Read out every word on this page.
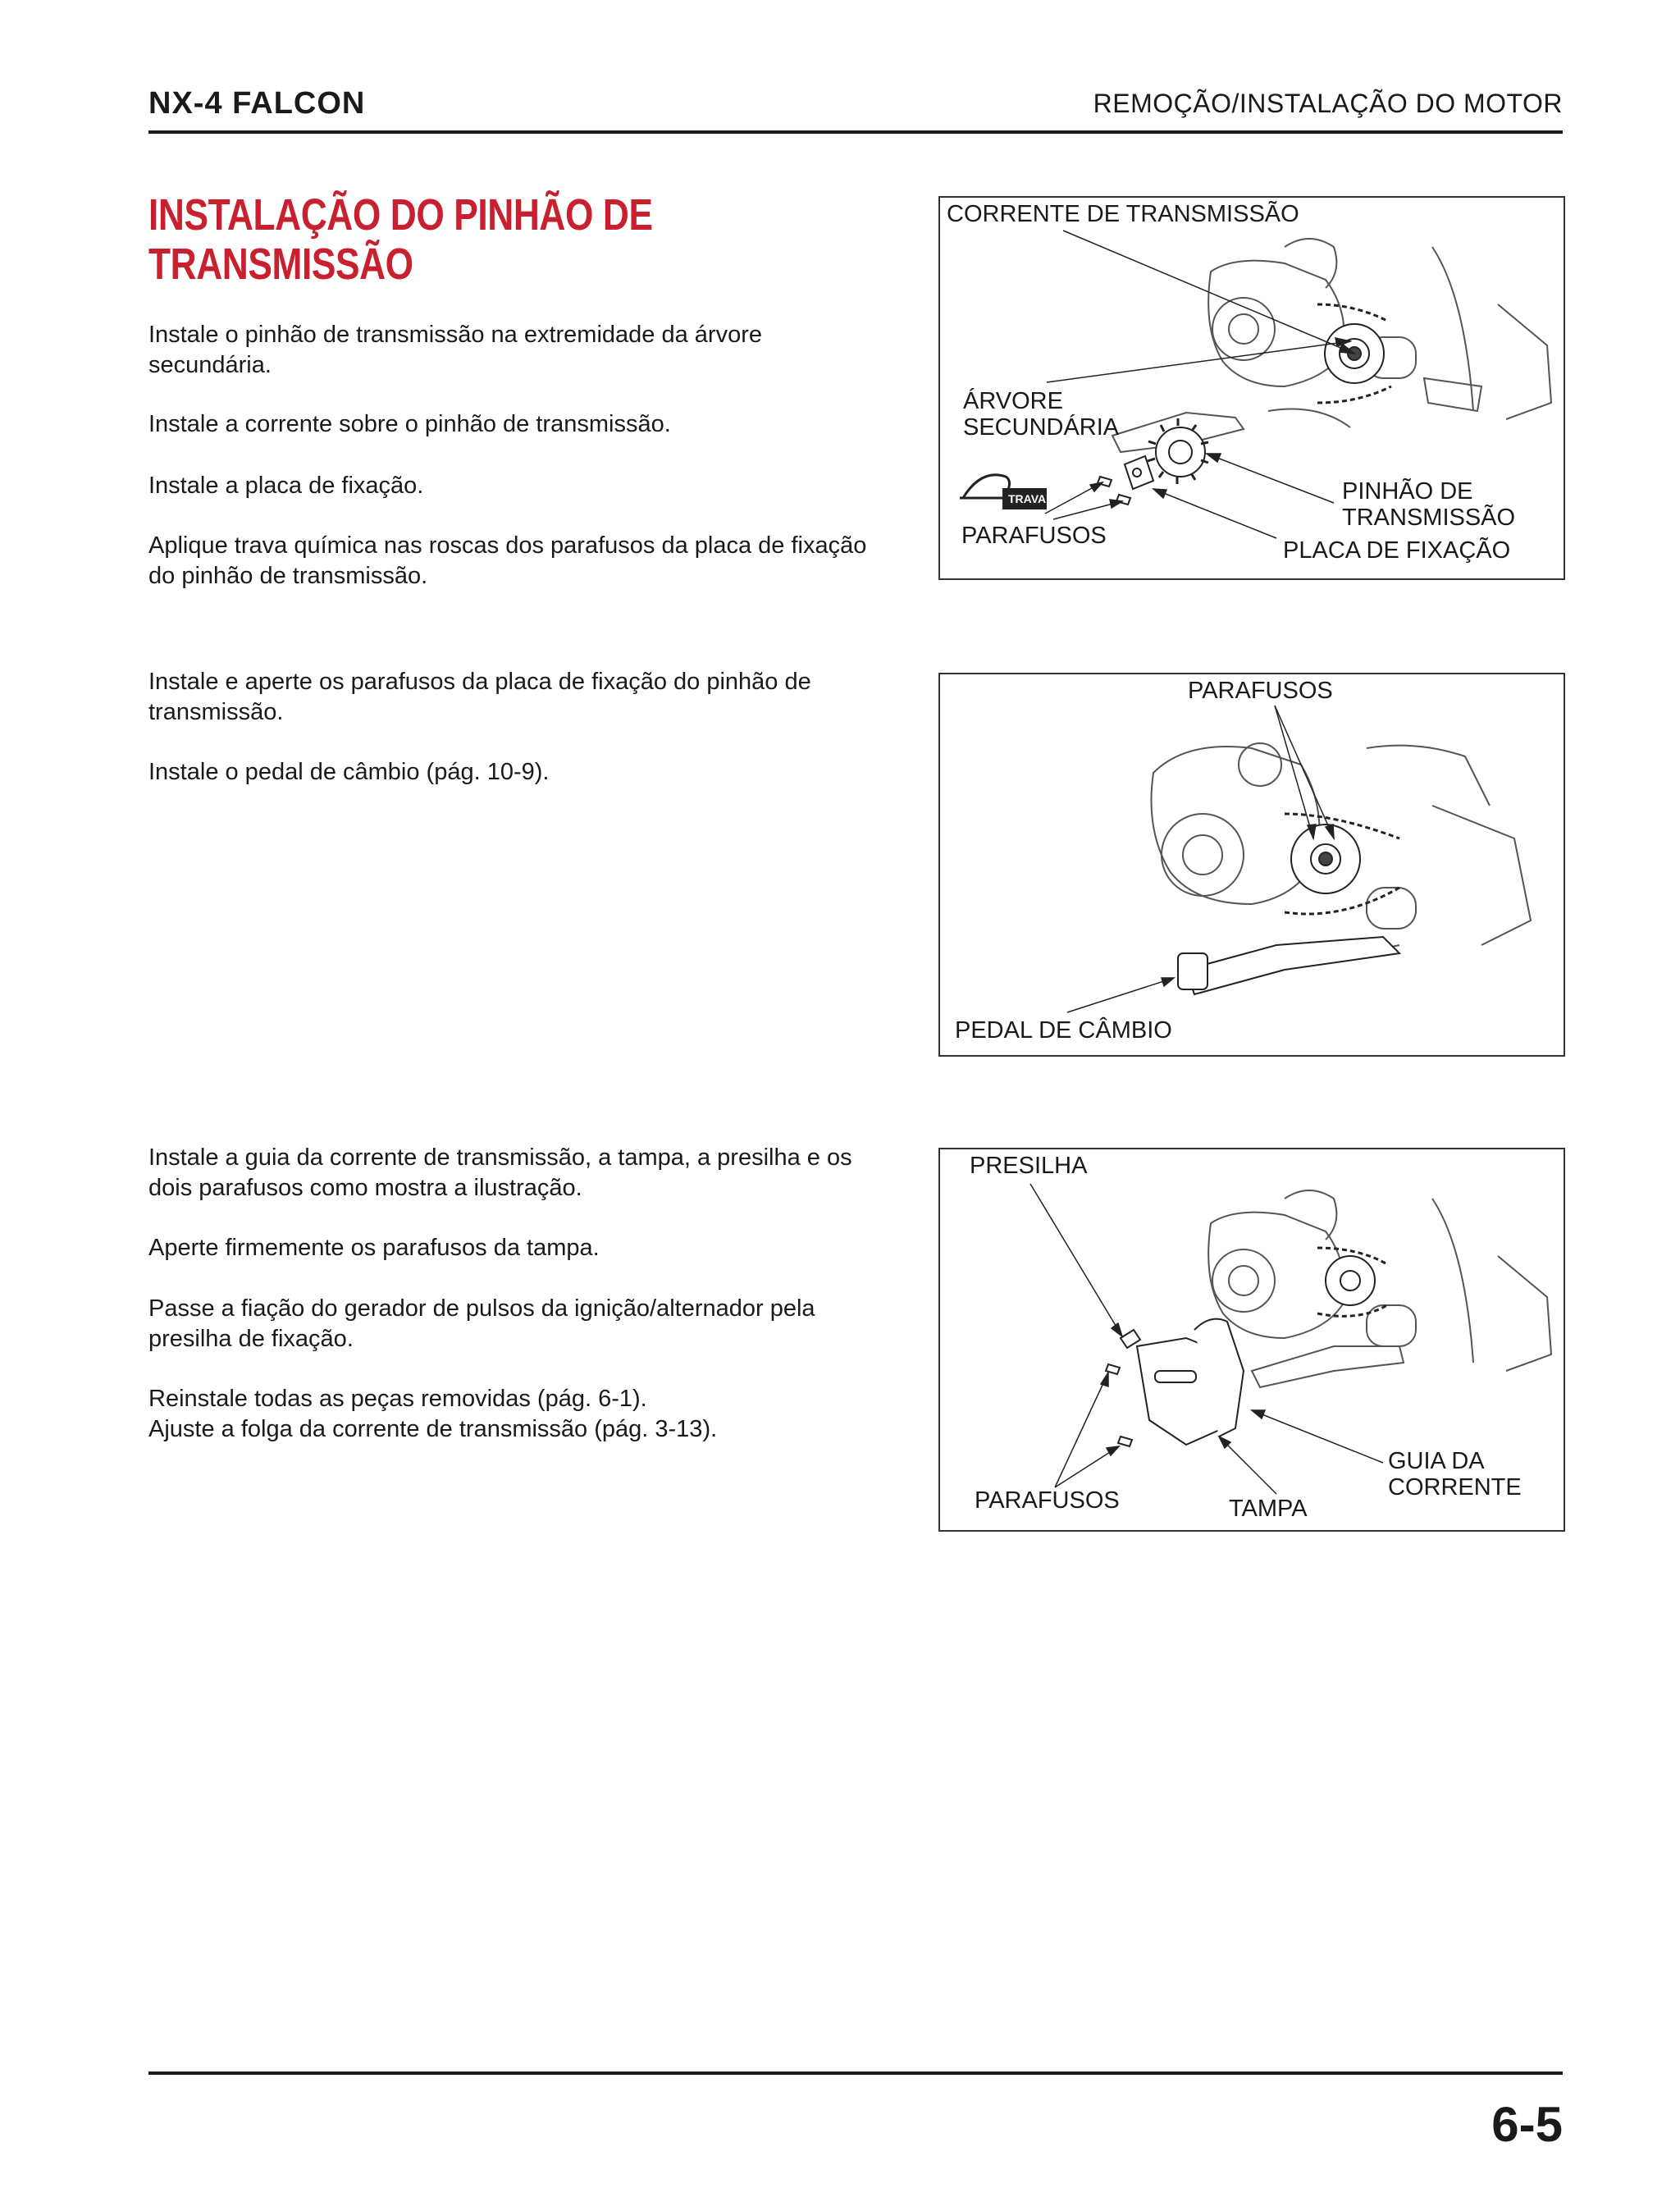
NX-4 FALCON	REMOÇÃO/INSTALAÇÃO DO MOTOR
INSTALAÇÃO DO PINHÃO DE TRANSMISSÃO
Instale o pinhão de transmissão na extremidade da árvore secundária.
Instale a corrente sobre o pinhão de transmissão.
Instale a placa de fixação.
Aplique trava química nas roscas dos parafusos da placa de fixação do pinhão de transmissão.
Instale e aperte os parafusos da placa de fixação do pinhão de transmissão.
Instale o pedal de câmbio (pág. 10-9).
Instale a guia da corrente de transmissão, a tampa, a presilha e os dois parafusos como mostra a ilustração.
Aperte firmemente os parafusos da tampa.
Passe a fiação do gerador de pulsos da ignição/alternador pela presilha de fixação.
Reinstale todas as peças removidas (pág. 6-1).
Ajuste a folga da corrente de transmissão (pág. 3-13).
CORRENTE DE TRANSMISSÃO
ÁRVORE
SECUNDÁRIA
PINHÃO DE
TRANSMISSÃO
PARAFUSOS
PLACA DE FIXAÇÃO
TRAVA
PARAFUSOS
PEDAL DE CÂMBIO
PRESILHA
PARAFUSOS	TAMPA
GUIA DA
CORRENTE
6-5
